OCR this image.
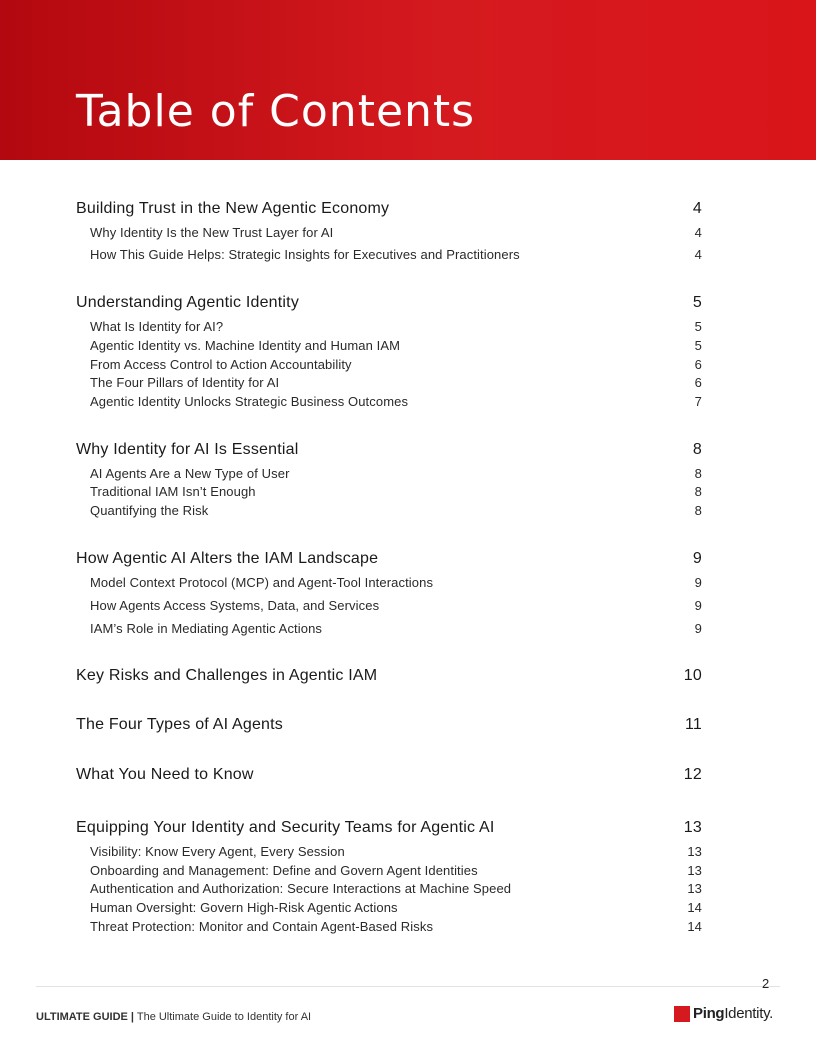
Table of Contents
Building Trust in the New Agentic Economy	4
Why Identity Is the New Trust Layer for AI	4
How This Guide Helps: Strategic Insights for Executives and Practitioners	4
Understanding Agentic Identity	5
What Is Identity for AI?	5
Agentic Identity vs. Machine Identity and Human IAM	5
From Access Control to Action Accountability	6
The Four Pillars of Identity for AI	6
Agentic Identity Unlocks Strategic Business Outcomes	7
Why Identity for AI Is Essential	8
AI Agents Are a New Type of User	8
Traditional IAM Isn’t Enough	8
Quantifying the Risk	8
How Agentic AI Alters the IAM Landscape	9
Model Context Protocol (MCP) and Agent-Tool Interactions	9
How Agents Access Systems, Data, and Services	9
IAM’s Role in Mediating Agentic Actions	9
Key Risks and Challenges in Agentic IAM	10
The Four Types of AI Agents	11
What You Need to Know	12
Equipping Your Identity and Security Teams for Agentic AI	13
Visibility: Know Every Agent, Every Session	13
Onboarding and Management: Define and Govern Agent Identities	13
Authentication and Authorization: Secure Interactions at Machine Speed	13
Human Oversight: Govern High-Risk Agentic Actions	14
Threat Protection: Monitor and Contain Agent-Based Risks	14
2
ULTIMATE GUIDE | The Ultimate Guide to Identity for AI	PingIdentity.
